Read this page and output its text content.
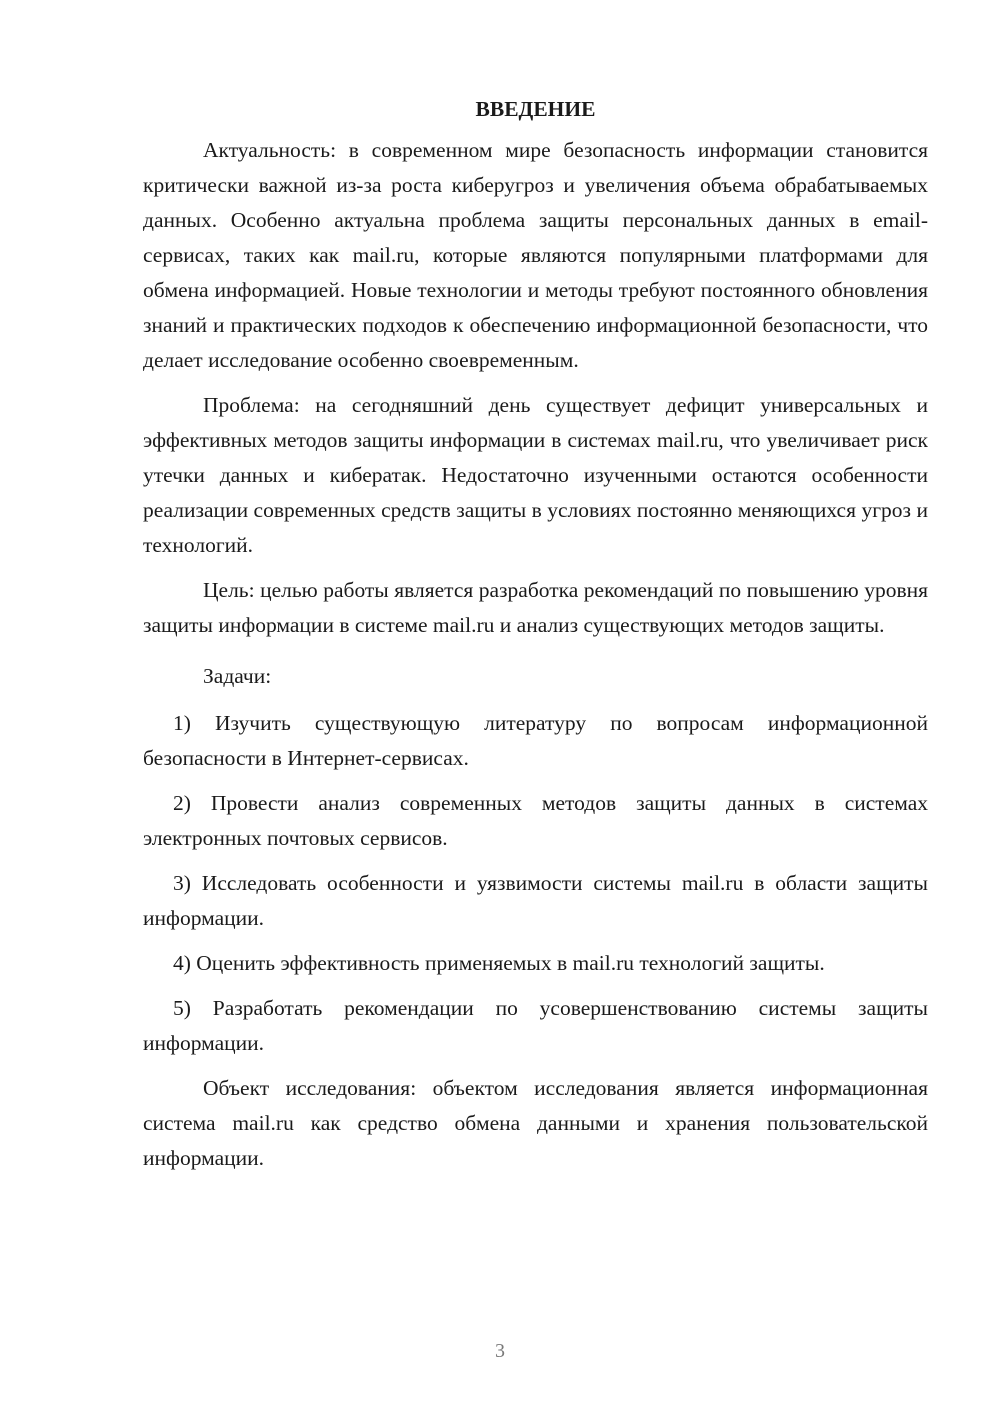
ВВЕДЕНИЕ

Актуальность: в современном мире безопасность информации становится критически важной из-за роста киберугроз и увеличения объема обрабатываемых данных. Особенно актуальна проблема защиты персональных данных в email-сервисах, таких как mail.ru, которые являются популярными платформами для обмена информацией. Новые технологии и методы требуют постоянного обновления знаний и практических подходов к обеспечению информационной безопасности, что делает исследование особенно своевременным.

Проблема: на сегодняшний день существует дефицит универсальных и эффективных методов защиты информации в системах mail.ru, что увеличивает риск утечки данных и кибератак. Недостаточно изученными остаются особенности реализации современных средств защиты в условиях постоянно меняющихся угроз и технологий.

Цель: целью работы является разработка рекомендаций по повышению уровня защиты информации в системе mail.ru и анализ существующих методов защиты.

Задачи:

1) Изучить существующую литературу по вопросам информационной безопасности в Интернет-сервисах.

2) Провести анализ современных методов защиты данных в системах электронных почтовых сервисов.

3) Исследовать особенности и уязвимости системы mail.ru в области защиты информации.

4) Оценить эффективность применяемых в mail.ru технологий защиты.

5) Разработать рекомендации по усовершенствованию системы защиты информации.

Объект исследования: объектом исследования является информационная система mail.ru как средство обмена данными и хранения пользовательской информации.

3
